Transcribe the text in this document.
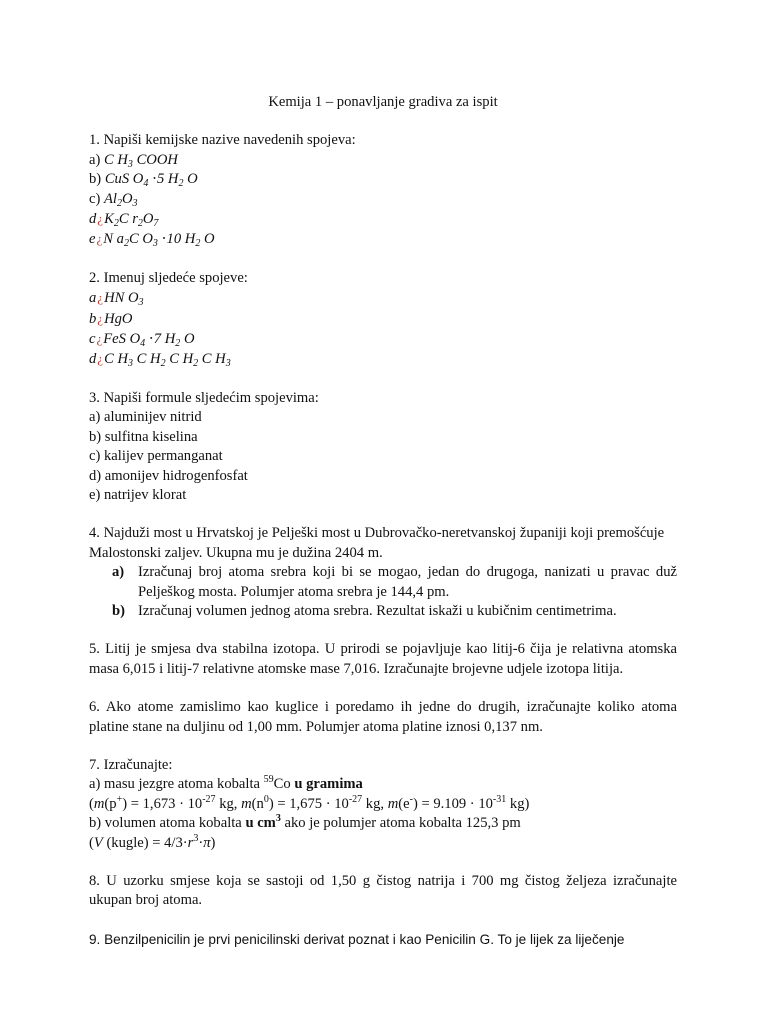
Kemija 1 – ponavljanje gradiva za ispit
1. Napiši kemijske nazive navedenih spojeva:
a) C $H_3$ COOH
b) CuS $O_4 \cdot 5$ $H_2$ O
c) $Al_2O_3$
$d¿K_2C$ $r_2O_7$
e¿N $a_2C$ $O_3 \cdot 10$ $H_2$ O
2. Imenuj sljedeće spojeve:
a¿HN $O_3$
b¿HgO
c¿FeS $O_4 \cdot 7$ $H_2$ O
d¿C $H_3$ C $H_2$ C $H_2$ C $H_3$
3. Napiši formule sljedećim spojevima:
a) aluminijev nitrid
b) sulfitna kiselina
c) kalijev permanganat
d) amonijev hidrogenfosfat
e) natrijev klorat
4. Najduži most u Hrvatskoj je Pelješki most u Dubrovačko-neretvanskoj županiji koji premošćuje
Malostonski zaljev. Ukupna mu je dužina 2404 m.
a) Izračunaj broj atoma srebra koji bi se mogao, jedan do drugoga, nanizati u pravac duž Pelješkog mosta. Polumjer atoma srebra je 144,4 pm.
b) Izračunaj volumen jednog atoma srebra. Rezultat iskaži u kubičnim centimetrima.
5. Litij je smjesa dva stabilna izotopa. U prirodi se pojavljuje kao litij-6 čija je relativna atomska masa 6,015 i litij-7 relativne atomske mase 7,016. Izračunajte brojevne udjele izotopa litija.
6. Ako atome zamislimo kao kuglice i poredamo ih jedne do drugih, izračunajte koliko atoma platine stane na duljinu od 1,00 mm. Polumjer atoma platine iznosi 0,137 nm.
7. Izračunajte:
a) masu jezgre atoma kobalta $^{59}$Co u gramima
($m(p^+) = 1,673 \cdot 10^{-27}$ kg, $m(n^0) = 1,675 \cdot 10^{-27}$ kg, $m(e^-) = 9.109 \cdot 10^{-31}$ kg)
b) volumen atoma kobalta u $cm^3$ ako je polumjer atoma kobalta 125,3 pm
(V (kugle) = $4/3\cdot r^3\cdot\pi$)
8. U uzorku smjese koja se sastoji od 1,50 g čistog natrija i 700 mg čistog željeza izračunajte ukupan broj atoma.
9. Benzilpenicilin je prvi penicilinski derivat poznat i kao Penicilin G. To je lijek za liječenje
